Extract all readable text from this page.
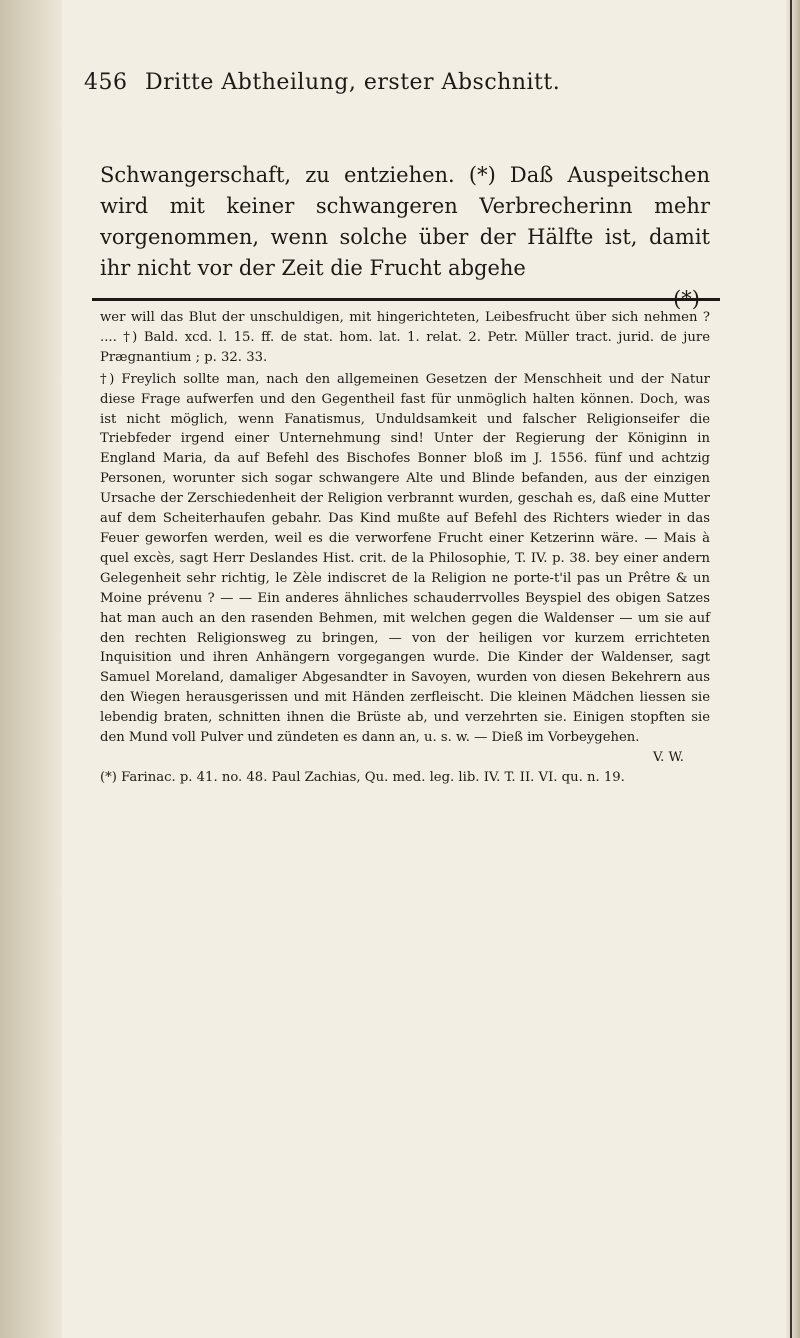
456 Dritte Abtheilung, erster Abschnitt.
Schwangerschaft, zu entziehen. (*) Daß Auspeitschen wird mit keiner schwangeren Verbrecherinn mehr vorgenommen, wenn solche über der Hälfte ist, damit ihr nicht vor der Zeit die Frucht abgehe
(*)

wer will das Blut der unschuldigen, mit hingerichteten, Leibesfrucht über sich nehmen ? .... †) Bald. xcd. l. 15. ff. de stat. hom. lat. 1. relat. 2. Petr. Müller tract. jurid. de jure Prægnantium ; p. 32. 33.

†) Freylich sollte man, nach den allgemeinen Gesetzen der Menschheit und der Natur diese Frage aufwerfen und den Gegentheil fast für unmöglich halten können. Doch, was ist nicht möglich, wenn Fanatismus, Unduldsamkeit und falscher Religionseifer die Triebfeder irgend einer Unternehmung sind! Unter der Regierung der Königinn in England Maria, da auf Befehl des Bischofes Bonner bloß im J. 1556. fünf und achtzig Personen, worunter sich sogar schwangere Alte und Blinde befanden, aus der einzigen Ursache der Zerschiedenheit der Religion verbrannt wurden, geschah es, daß eine Mutter auf dem Scheiterhaufen gebahr. Das Kind mußte auf Befehl des Richters wieder in das Feuer geworfen werden, weil es die verworfene Frucht einer Ketzerinn wäre. — Mais à quel excès, sagt Herr Deslandes Hist. crit. de la Philosophie, T. IV. p. 38. bey einer andern Gelegenheit sehr richtig, le Zèle indiscret de la Religion ne porte-t'il pas un Prêtre & un Moine prévenu ? — — Ein anderes ähnliches schauderrvolles Beyspiel des obigen Satzes hat man auch an den rasenden Behmen, mit welchen gegen die Waldenser — um sie auf den rechten Religionsweg zu bringen, — von der heiligen vor kurzem errichteten Inquisition und ihren Anhängern vorgegangen wurde. Die Kinder der Waldenser, sagt Samuel Moreland, damaliger Abgesandter in Savoyen, wurden von diesen Bekehrern aus den Wiegen herausgerissen und mit Händen zerfleischt. Die kleinen Mädchen liessen sie lebendig braten, schnitten ihnen die Brüste ab, und verzehrten sie. Einigen stopften sie den Mund voll Pulver und zündeten es dann an, u. s. w. — Dieß im Vorbeygehen.
V. W.

(*) Farinac. p. 41. no. 48. Paul Zachias, Qu. med. leg. lib. IV. T. II. VI. qu. n. 19.
